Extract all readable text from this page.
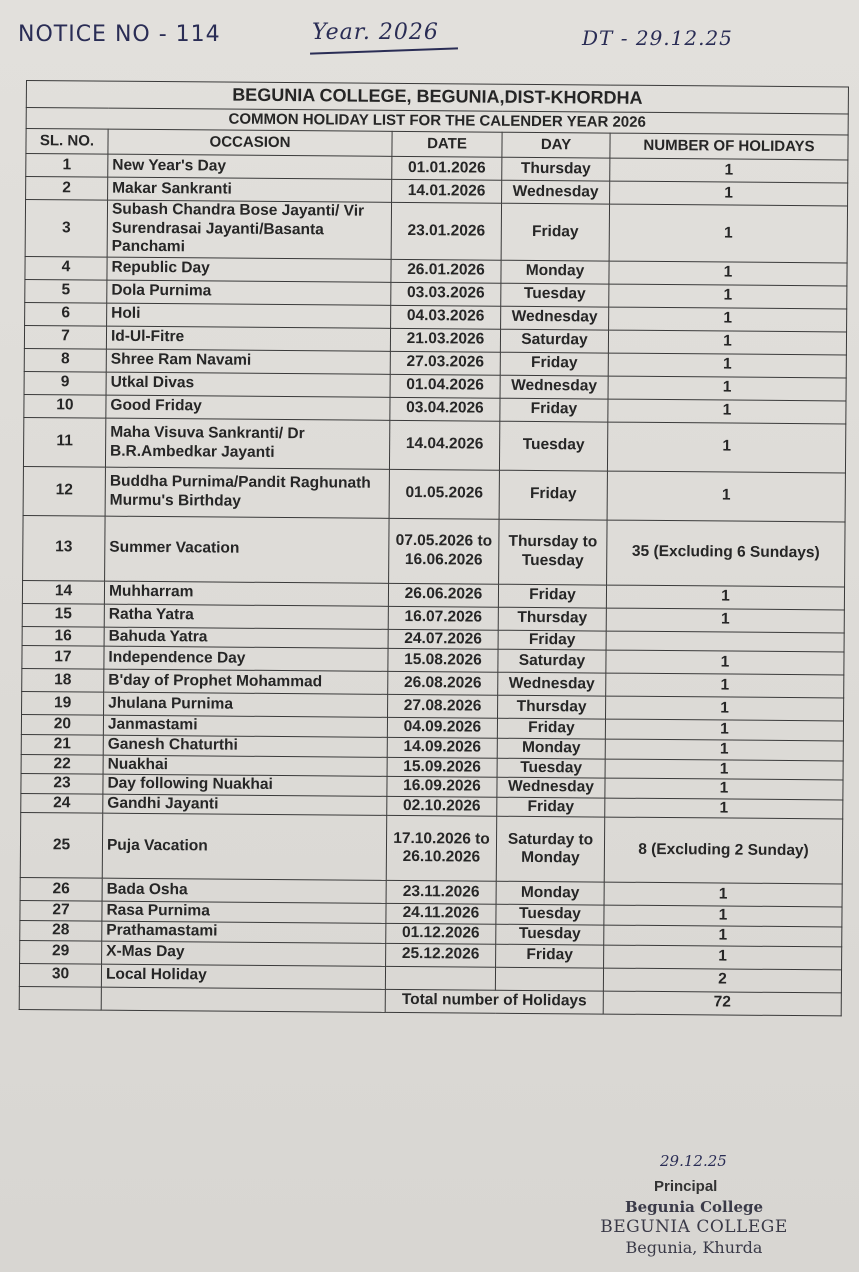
NOTICE NO - 114	Year. 2026	DT - 29.12.25
BEGUNIA COLLEGE, BEGUNIA,DIST-KHORDHA				
COMMON HOLIDAY LIST FOR THE CALENDER YEAR 2026				
SL. NO.	OCCASION	DATE	DAY	NUMBER OF HOLIDAYS
1	New Year's Day	01.01.2026	Thursday	1
2	Makar Sankranti	14.01.2026	Wednesday	1
3	Subash Chandra Bose Jayanti/ Vir Surendrasai Jayanti/Basanta Panchami	23.01.2026	Friday	1
4	Republic Day	26.01.2026	Monday	1
5	Dola Purnima	03.03.2026	Tuesday	1
6	Holi	04.03.2026	Wednesday	1
7	Id-Ul-Fitre	21.03.2026	Saturday	1
8	Shree Ram Navami	27.03.2026	Friday	1
9	Utkal Divas	01.04.2026	Wednesday	1
10	Good Friday	03.04.2026	Friday	1
11	Maha Visuva Sankranti/ Dr B.R.Ambedkar Jayanti	14.04.2026	Tuesday	1
12	Buddha Purnima/Pandit Raghunath Murmu's Birthday	01.05.2026	Friday	1
13	Summer Vacation	07.05.2026 to 16.06.2026	Thursday to Tuesday	35 (Excluding 6 Sundays)
14	Muhharram	26.06.2026	Friday	1
15	Ratha Yatra	16.07.2026	Thursday	1
16	Bahuda Yatra	24.07.2026	Friday	
17	Independence Day	15.08.2026	Saturday	1
18	B'day of Prophet Mohammad	26.08.2026	Wednesday	1
19	Jhulana Purnima	27.08.2026	Thursday	1
20	Janmastami	04.09.2026	Friday	1
21	Ganesh Chaturthi	14.09.2026	Monday	1
22	Nuakhai	15.09.2026	Tuesday	1
23	Day following Nuakhai	16.09.2026	Wednesday	1
24	Gandhi Jayanti	02.10.2026	Friday	1
25	Puja Vacation	17.10.2026 to 26.10.2026	Saturday to Monday	8 (Excluding 2 Sunday)
26	Bada Osha	23.11.2026	Monday	1
27	Rasa Purnima	24.11.2026	Tuesday	1
28	Prathamastami	01.12.2026	Tuesday	1
29	X-Mas Day	25.12.2026	Friday	1
30	Local Holiday			2
		Total number of Holidays		72
29.12.25
Principal
Begunia College
BEGUNIA COLLEGE
Begunia, Khurda
